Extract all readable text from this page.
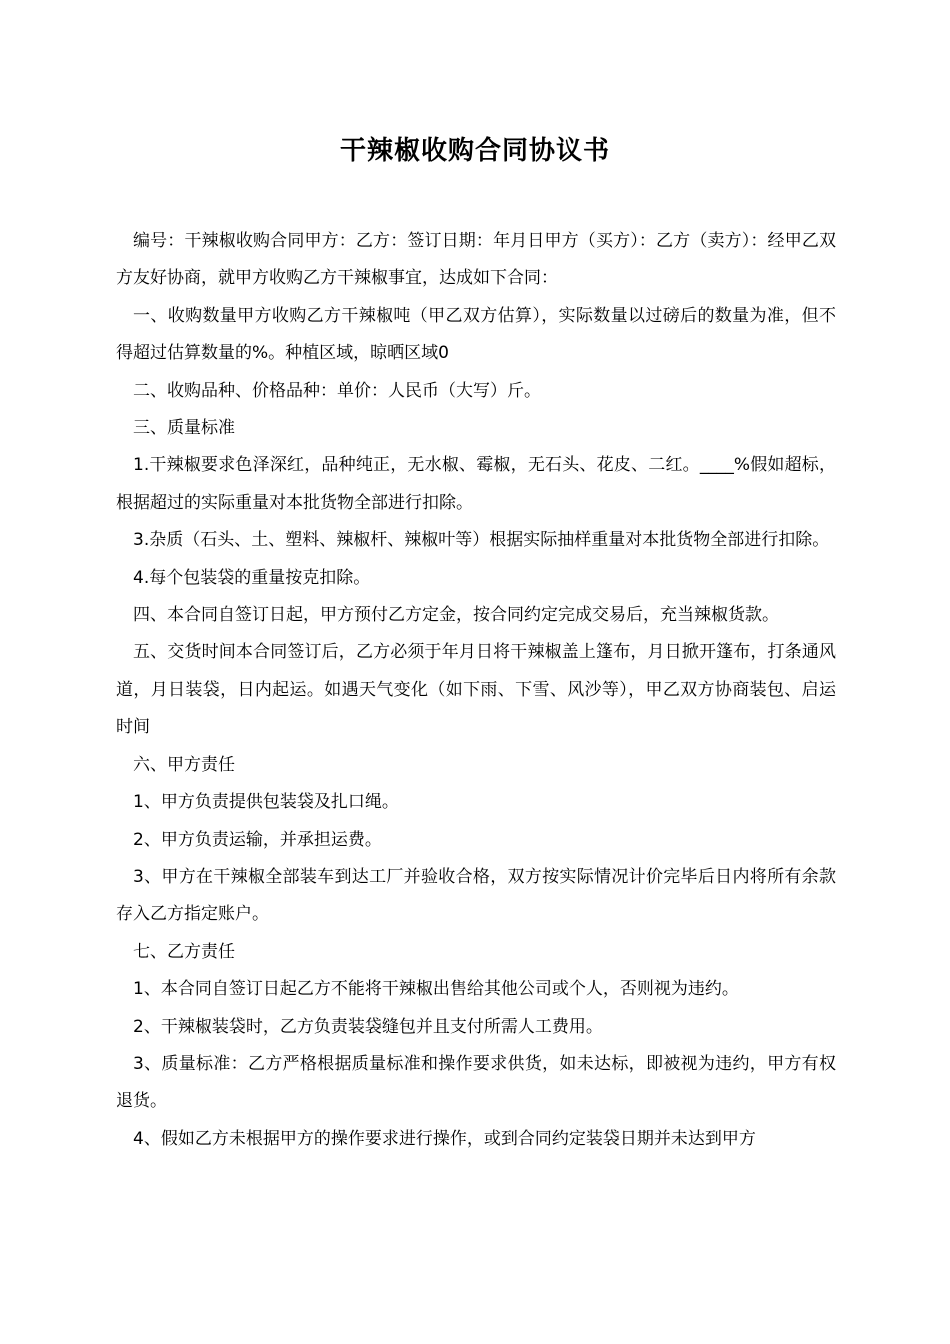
干辣椒收购合同协议书

编号：干辣椒收购合同甲方：乙方：签订日期：年月日甲方（买方）：乙方（卖方）：经甲乙双方友好协商，就甲方收购乙方干辣椒事宜，达成如下合同：

一、收购数量甲方收购乙方干辣椒吨（甲乙双方估算），实际数量以过磅后的数量为准，但不得超过估算数量的%。种植区域，晾晒区域0

二、收购品种、价格品种：单价：人民币（大写）斤。

三、质量标准

1.干辣椒要求色泽深红，品种纯正，无水椒、霉椒，无石头、花皮、二红。____%假如超标，根据超过的实际重量对本批货物全部进行扣除。

3.杂质（石头、土、塑料、辣椒杆、辣椒叶等）根据实际抽样重量对本批货物全部进行扣除。

4.每个包装袋的重量按克扣除。

四、本合同自签订日起，甲方预付乙方定金，按合同约定完成交易后，充当辣椒货款。

五、交货时间本合同签订后，乙方必须于年月日将干辣椒盖上篷布，月日掀开篷布，打条通风道，月日装袋，日内起运。如遇天气变化（如下雨、下雪、风沙等），甲乙双方协商装包、启运时间

六、甲方责任

1、甲方负责提供包装袋及扎口绳。

2、甲方负责运输，并承担运费。

3、甲方在干辣椒全部装车到达工厂并验收合格，双方按实际情况计价完毕后日内将所有余款存入乙方指定账户。

七、乙方责任

1、本合同自签订日起乙方不能将干辣椒出售给其他公司或个人，否则视为违约。

2、干辣椒装袋时，乙方负责装袋缝包并且支付所需人工费用。

3、质量标准：乙方严格根据质量标准和操作要求供货，如未达标，即被视为违约，甲方有权退货。

4、假如乙方未根据甲方的操作要求进行操作，或到合同约定装袋日期并未达到甲方
